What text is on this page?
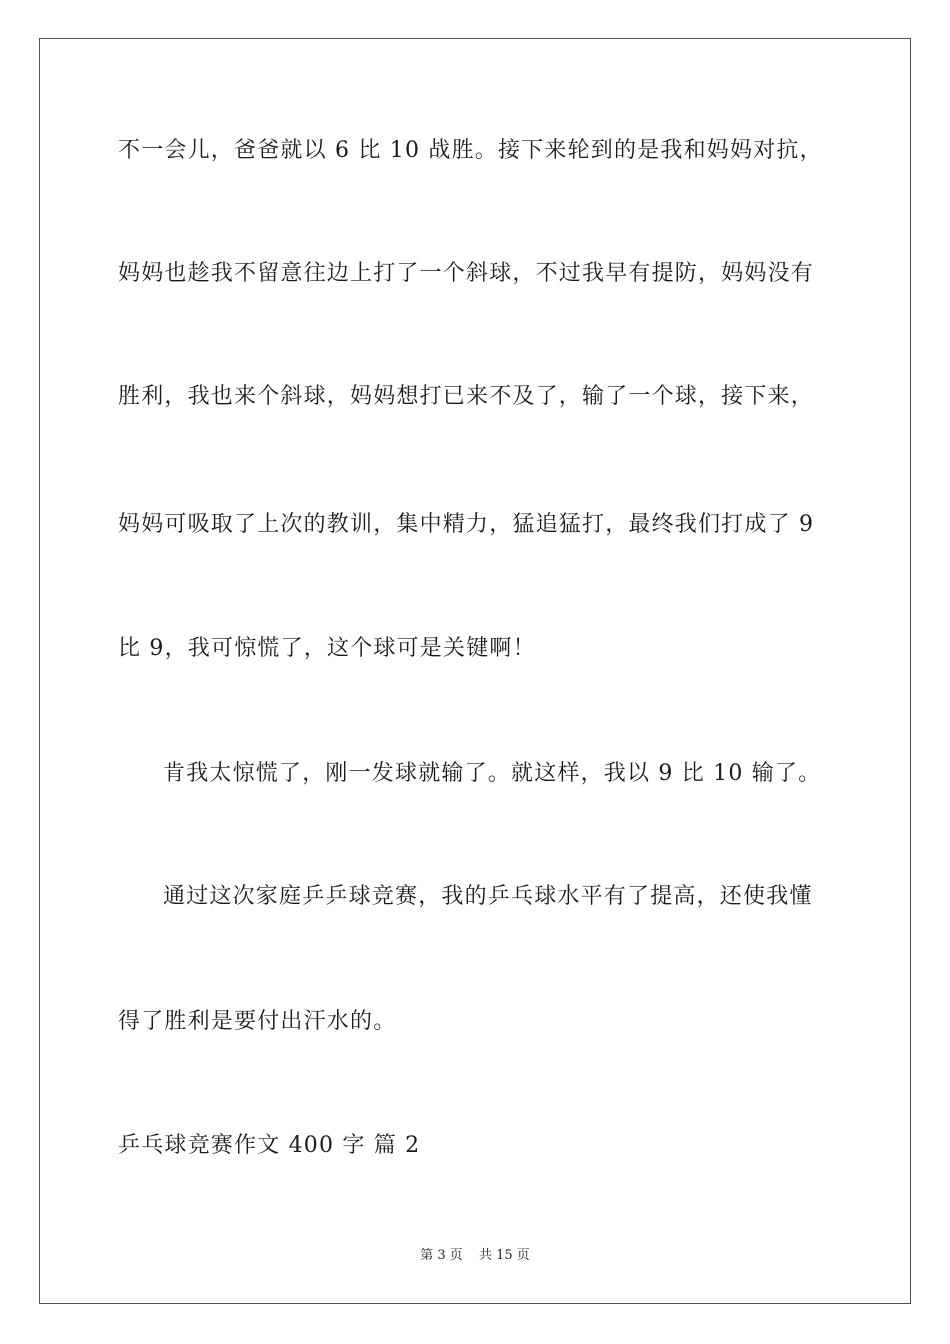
不一会儿，爸爸就以 6 比 10 战胜。接下来轮到的是我和妈妈对抗，
妈妈也趁我不留意往边上打了一个斜球，不过我早有提防，妈妈没有
胜利，我也来个斜球，妈妈想打已来不及了，输了一个球，接下来，
妈妈可吸取了上次的教训，集中精力，猛追猛打，最终我们打成了 9
比 9，我可惊慌了，这个球可是关键啊！
肯我太惊慌了，刚一发球就输了。就这样，我以 9 比 10 输了。
通过这次家庭乒乒球竞赛，我的乒乓球水平有了提高，还使我懂
得了胜利是要付出汗水的。
乒乓球竞赛作文 400 字 篇 2
第 3 页 共 15 页
